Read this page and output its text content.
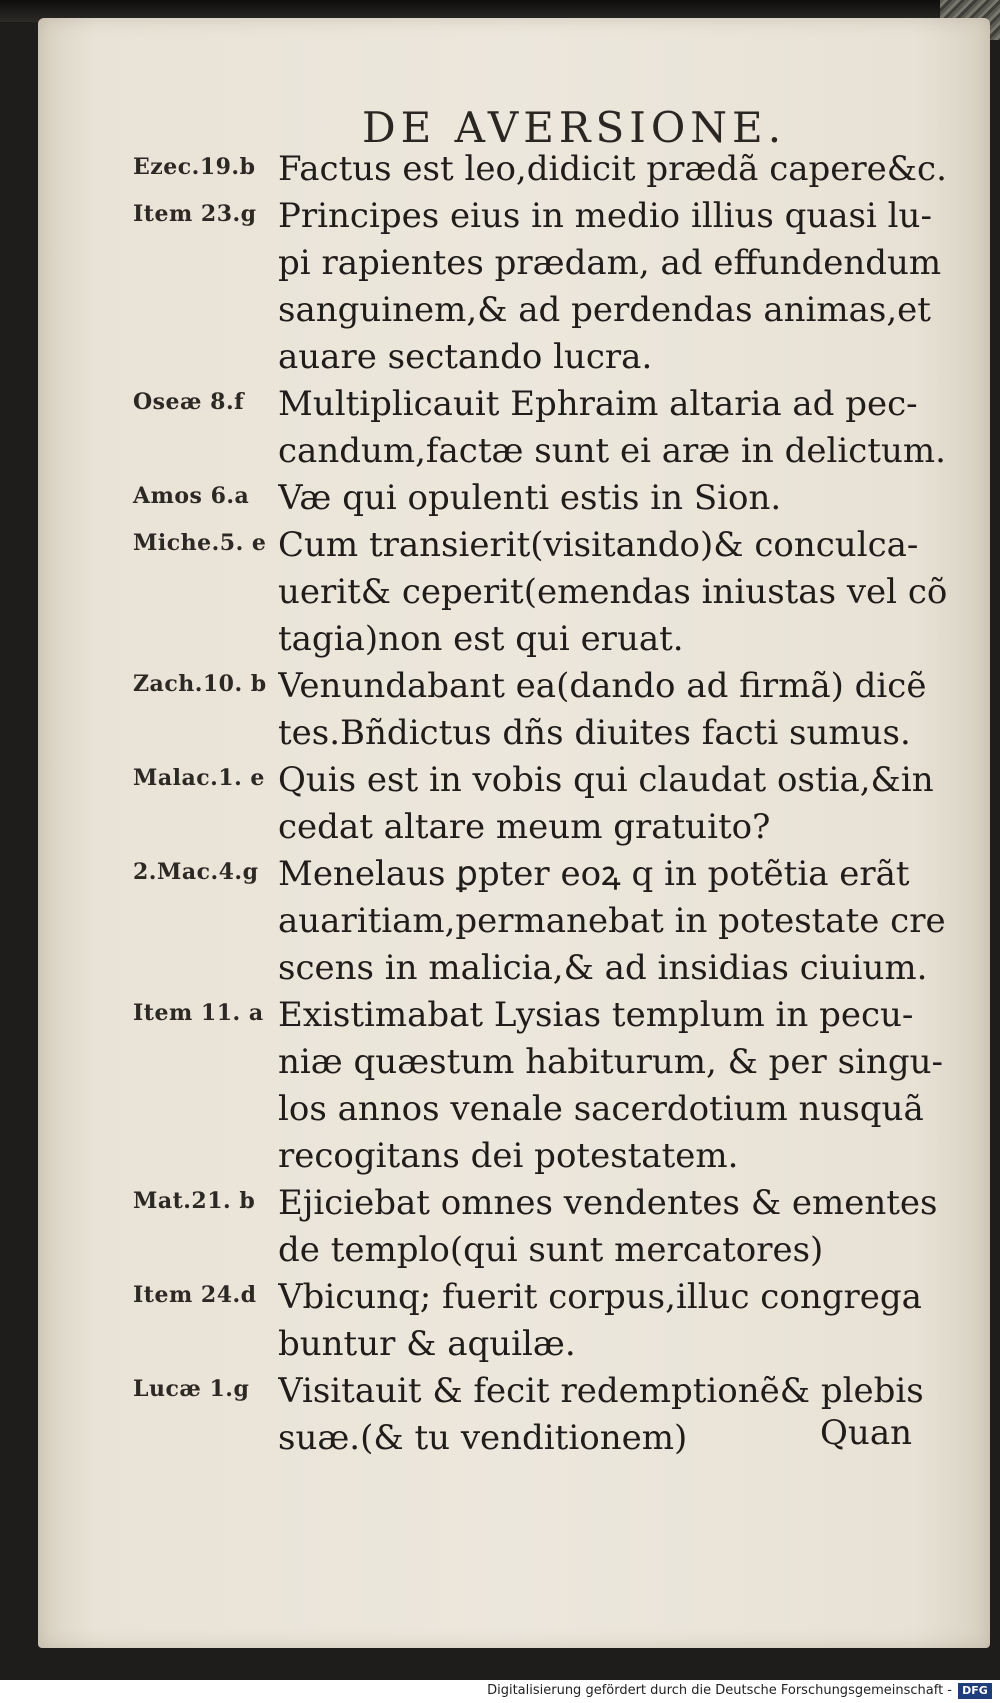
DE AVERSIONE.
Ezec.19.b Factus est leo,didicit prædã capere&c.
Item 23.g Principes eius in medio illius quasi lu-
pi rapientes prædam, ad effundendum
sanguinem,& ad perdendas animas,et
auare sectando lucra.
Oseæ 8.f Multiplicauit Ephraim altaria ad pec-
candum,factæ sunt ei aræ in delictum.
Amos 6.a Væ qui opulenti estis in Sion.
Miche.5. e Cum transierit(visitando)& conculca-
uerit& ceperit(emendas iniustas vel cõ
tagia)non est qui eruat.
Zach.10. b Venundabant ea(dando ad firmã) dicẽ
tes.Bñdictus dñs diuites facti sumus.
Malac.1. e Quis est in vobis qui claudat ostia,&in
cedat altare meum gratuito?
2.Mac.4.g Menelaus ꝑpter eoꝝ q in potẽtia erãt
auaritiam,permanebat in potestate cre
scens in malicia,& ad insidias ciuium.
Item 11. a Existimabat Lysias templum in pecu-
niæ quæstum habiturum, & per singu-
los annos venale sacerdotium nusquã
recogitans dei potestatem.
Mat.21. b Ejiciebat omnes vendentes & ementes
de templo(qui sunt mercatores)
Item 24.d Vbicunq; fuerit corpus,illuc congrega
buntur & aquilæ.
Lucæ 1.g Visitauit & fecit redemptionẽ& plebis
suæ.(& tu venditionem)	Quan
Digitalisierung gefördert durch die Deutsche Forschungsgemeinschaft - DFG
